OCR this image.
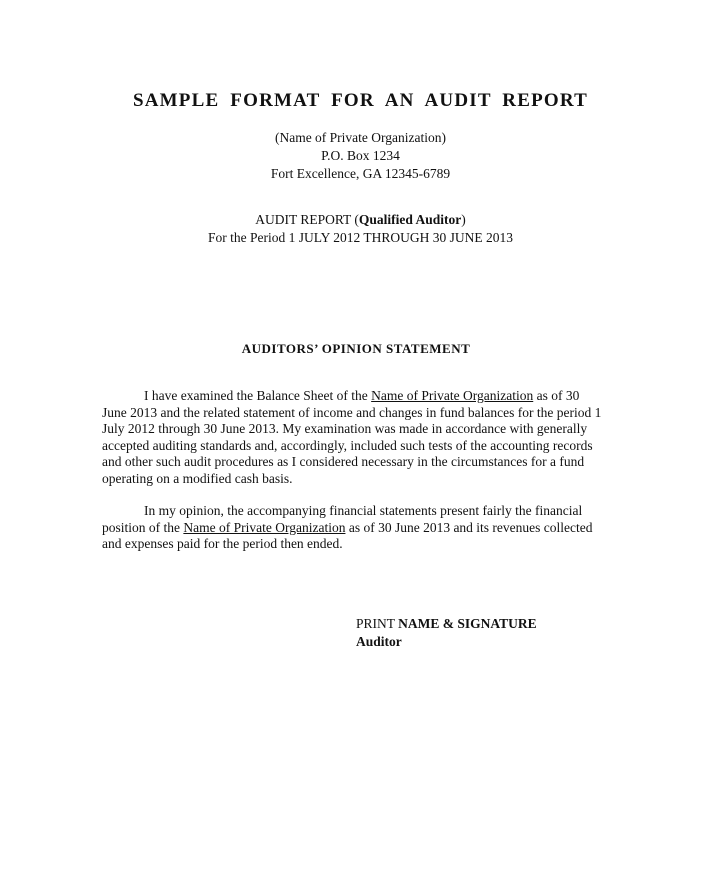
SAMPLE FORMAT FOR AN AUDIT REPORT
(Name of Private Organization)
P.O. Box 1234
Fort Excellence, GA 12345-6789
AUDIT REPORT (Qualified Auditor)
For the Period 1 JULY 2012 THROUGH 30 JUNE 2013
AUDITORS’ OPINION STATEMENT

I have examined the Balance Sheet of the Name of Private Organization as of 30 June 2013 and the related statement of income and changes in fund balances for the period 1 July 2012 through 30 June 2013. My examination was made in accordance with generally accepted auditing standards and, accordingly, included such tests of the accounting records and other such audit procedures as I considered necessary in the circumstances for a fund operating on a modified cash basis.

In my opinion, the accompanying financial statements present fairly the financial position of the Name of Private Organization as of 30 June 2013 and its revenues collected and expenses paid for the period then ended.

PRINT NAME & SIGNATURE
Auditor
